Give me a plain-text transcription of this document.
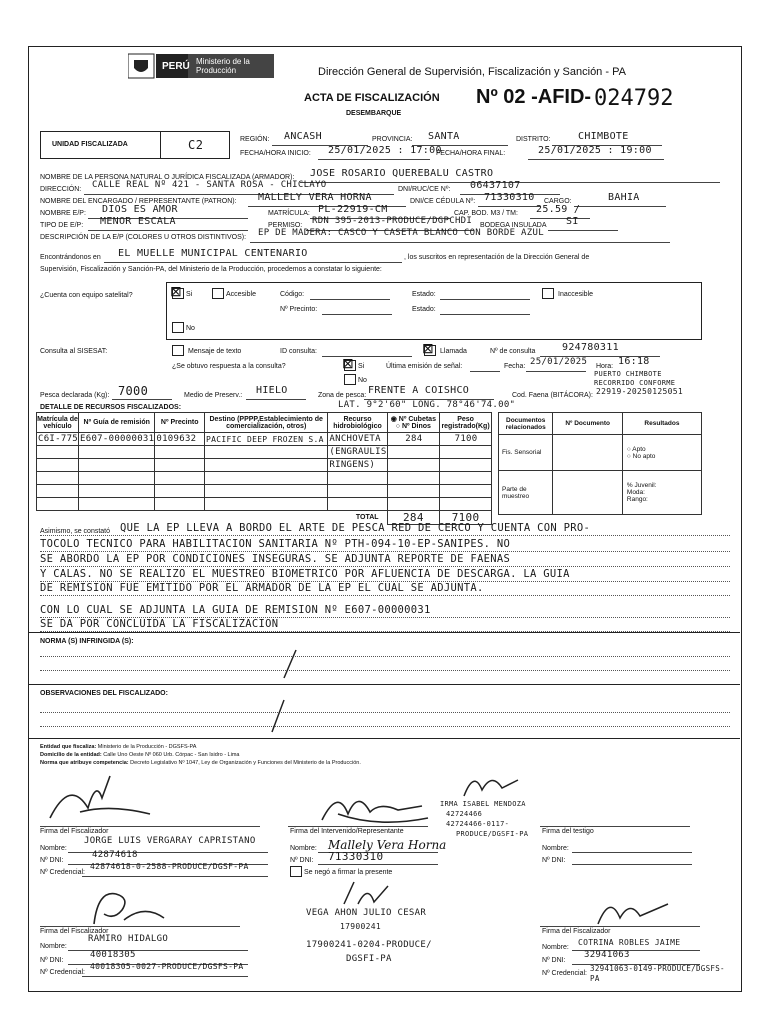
PERÚ Ministerio de la Producción	Dirección General de Supervisión, Fiscalización y Sanción - PA
ACTA DE FISCALIZACIÓN
DESEMBARQUE
Nº 02 -AFID- 024792
UNIDAD FISCALIZADA	C2	REGIÓN: ANCASH	PROVINCIA: SANTA	DISTRITO:	CHIMBOTE
FECHA/HORA INICIO: 25/01/2025 : 17:00
FECHA/HORA FINAL:	25/01/2025 : 19:00
NOMBRE DE LA PERSONA NATURAL O JURÍDICA FISCALIZADA (ARMADOR): JOSE ROSARIO QUEREBALU CASTRO
DIRECCIÓN: CALLE REAL Nº 421 - SANTA ROSA - CHICLAYO	DNI/RUC/CE Nº: 06437107
NOMBRE DEL ENCARGADO / REPRESENTANTE (PATRON): MALLELY VERA HORNA	DNI/CE CÉDULA Nº: 71330310 CARGO:	BAHIA
NOMBRE E/P: DIOS ES AMOR	MATRÍCULA: PL-22919-CM	CAP. BOD. M3 / TM: 25.59 /
TIPO DE E/P: MENOR ESCALA	PERMISO: RDN 395-2013-PRODUCE/DGPCHDI BODEGA INSULADA SI
DESCRIPCIÓN DE LA E/P (COLORES U OTROS DISTINTIVOS): EP DE MADERA: CASCO Y CASETA BLANCO CON BORDE AZUL
Encontrándonos en EL MUELLE MUNICIPAL CENTENARIO	, los suscritos en representación de la Dirección General de
Supervisión, Fiscalización y Sanción-PA, del Ministerio de la Producción, procedemos a constatar lo siguiente:
¿Cuenta con equipo satelital?	⊠ Si	Accesible	Código:	Estado:	Inaccesible
Nº Precinto:	Estado:
No
Consulta al SISESAT:	Mensaje de texto	ID consulta:	⊠ Llamada	Nº de consulta	924780311
¿Se obtuvo respuesta a la consulta?	⊠ Si	Última emisión de señal:	Fecha: 25/01/2025 Hora: 16:18
PUERTO CHIMBOTE RECORRIDO CONFORME
No
Pesca declarada (Kg): 7000	Medio de Preserv.: HIELO	Zona de pesca: FRENTE A COISHCO
LAT. 9°2'60" LONG. 78°46'74.00"
Cod. Faena (BITÁCORA): 22919-20250125051
DETALLE DE RECURSOS FISCALIZADOS:
Matrícula de vehículo	Nº Guía de remisión	Nº Precinto	Destino (PPPP,Establecimiento de comercialización, otros)	Recurso hidrobiológico	◉ Nº Cubetas
○ Nº Dinos	Peso registrado(Kg)
C6I-775	E607-00000031	0109632	PACIFIC DEEP FROZEN S.A	ANCHOVETA	284	7100
				(ENGRAULIS		
				RINGENS)		

TOTAL					284	7100
Documentos relacionados	Nº Documento	Resultados
Fis. Sensorial		○ Apto
○ No apto

Parte de muestreo		% Juvenil:
Moda:
Rango:
Asimismo, se constató QUE LA EP LLEVA A BORDO EL ARTE DE PESCA RED DE CERCO Y CUENTA CON PRO-
TOCOLO TECNICO PARA HABILITACION SANITARIA Nº PTH-094-10-EP-SANIPES. NO
SE ABORDO LA EP POR CONDICIONES INSEGURAS. SE ADJUNTA REPORTE DE FAENAS
Y CALAS. NO SE REALIZO EL MUESTREO BIOMETRICO POR AFLUENCIA DE DESCARGA. LA GUIA
DE REMISION FUE EMITIDO POR EL ARMADOR DE LA EP EL CUAL SE ADJUNTA.
CON LO CUAL SE ADJUNTA LA GUIA DE REMISION Nº E607-00000031
SE DA POR CONCLUIDA LA FISCALIZACION
NORMA (S) INFRINGIDA (S):
OBSERVACIONES DEL FISCALIZADO:
Entidad que fiscaliza: Ministerio de la Producción - DGSFS-PA
Domicilio de la entidad: Calle Uno Oeste Nº 060 Urb. Córpac - San Isidro - Lima
Norma que atribuye competencia: Decreto Legislativo Nº 1047, Ley de Organización y Funciones del Ministerio de la Producción.
Firma del Fiscalizador
Nombre:
JORGE LUIS VERGARAY CAPRISTANO
Nº DNI:
42874618
Nº Credencial:
42874618-0-2588-PRODUCE/DGSF-PA
Firma del Intervenido/Representante
Nombre: Mallely Vera Horna
Nº DNI: 71330310
Se negó a firmar la presente
IRMA ISABEL MENDOZA
42724466
42724466-0117-
PRODUCE/DGSFI-PA Firma del testigo
Nombre:
Nº DNI:
VEGA AHON JULIO CESAR
17900241
17900241-0204-PRODUCE/
DGSFI-PA
Firma del Fiscalizador
Nombre:
RAMIRO HIDALGO
Nº DNI:
40018305
Nº Credencial:
40018305-0027-PRODUCE/DGSFS-PA
Firma del Fiscalizador
Nombre:
COTRINA ROBLES JAIME
Nº DNI:
32941063
Nº Credencial:
32941063-0149-PRODUCE/DGSFS-PA
